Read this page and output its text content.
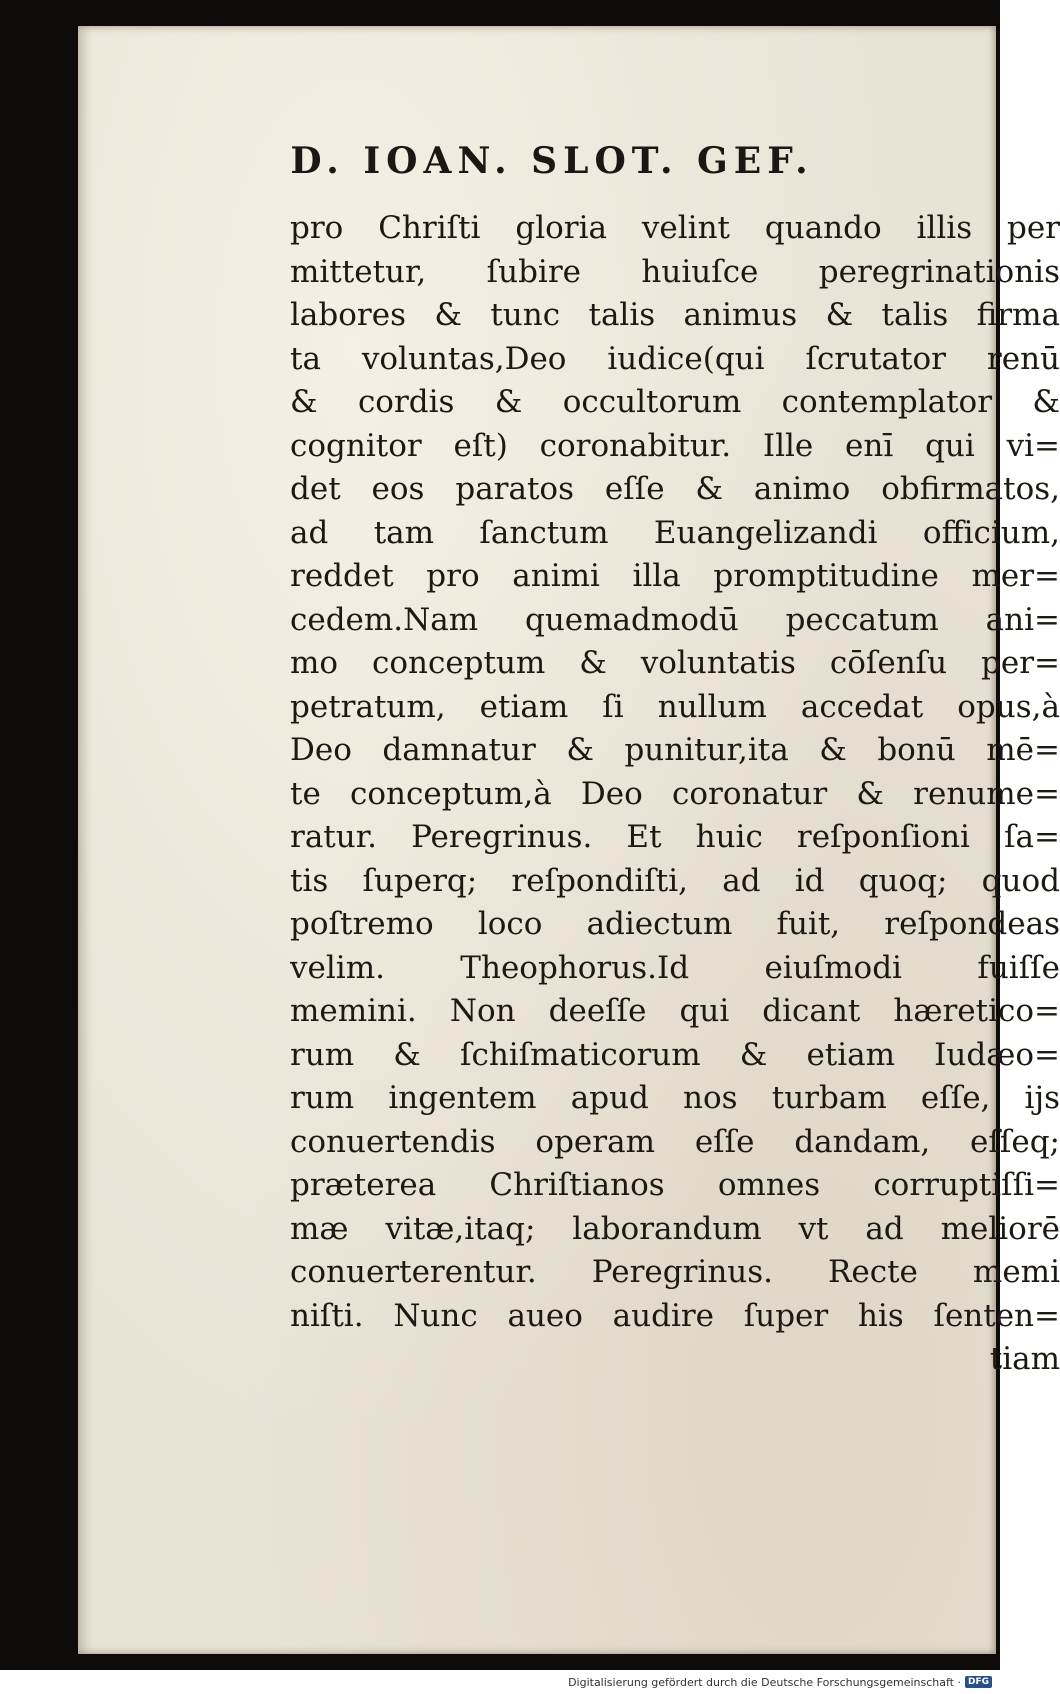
D. IOAN. SLOT. GEF.
pro Chriſti gloria velint quando illis per
mittetur, ſubire huiuſce peregrinationis
labores & tunc talis animus & talis firma
ta voluntas,Deo iudice(qui ſcrutator renū
& cordis & occultorum contemplator &
cognitor eſt) coronabitur. Ille enī qui vi=
det eos paratos eſſe & animo obfirmatos,
ad tam ſanctum Euangelizandi officium,
reddet pro animi illa promptitudine mer=
cedem.Nam quemadmodū peccatum ani=
mo conceptum & voluntatis cōſenſu per=
petratum, etiam ſi nullum accedat opus,à
Deo damnatur & punitur,ita & bonū mē=
te conceptum,à Deo coronatur & renume=
ratur. Peregrinus. Et huic reſponſioni ſa=
tis ſuperq; reſpondiſti, ad id quoq; quod
poſtremo loco adiectum fuit, reſpondeas
velim. Theophorus.Id eiuſmodi fuiſſe
memini. Non deeſſe qui dicant hæretico=
rum & ſchiſmaticorum & etiam Iudæo=
rum ingentem apud nos turbam eſſe, ijs
conuertendis operam eſſe dandam, eſſeq;
præterea Chriſtianos omnes corruptiſſi=
mæ vitæ,itaq; laborandum vt ad meliorē
conuerterentur. Peregrinus. Recte memi
niſti. Nunc aueo audire ſuper his ſenten=
tiam
Digitalisierung gefördert durch die Deutsche Forschungsgemeinschaft · DFG
